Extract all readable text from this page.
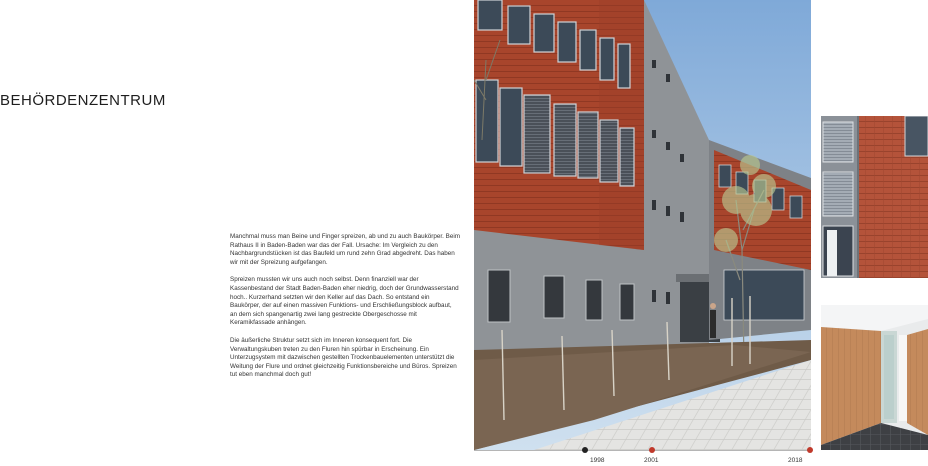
BEHÖRDENZENTRUM

Manchmal muss man Beine und Finger spreizen, ab und zu auch Baukörper. Beim Rathaus II in Baden-Baden war das der Fall. Ursache: Im Vergleich zu den Nachbargrundstücken ist das Baufeld um rund zehn Grad abgedreht. Das haben wir mit der Spreizung aufgefangen.

Spreizen mussten wir uns auch noch selbst. Denn finanziell war der Kassenbestand der Stadt Baden-Baden eher niedrig, doch der Grundwasserstand hoch.. Kurzerhand setzten wir den Keller auf das Dach. So entstand ein Baukörper, der auf einen massiven Funktions- und Erschließungsblock aufbaut, an dem sich spangenartig zwei lang gestreckte Obergeschosse mit Keramikfassade anhängen.

Die äußerliche Struktur setzt sich im Inneren konsequent fort. Die Verwaltungskuben treten zu den Fluren hin spürbar in Erscheinung. Ein Unterzugsystem mit dazwischen gestellten Trockenbauelementen unterstützt die Weitung der Flure und ordnet gleichzeitig Funktionsbereiche und Büros. Spreizen tut eben manchmal doch gut!

1998	2001	2018
